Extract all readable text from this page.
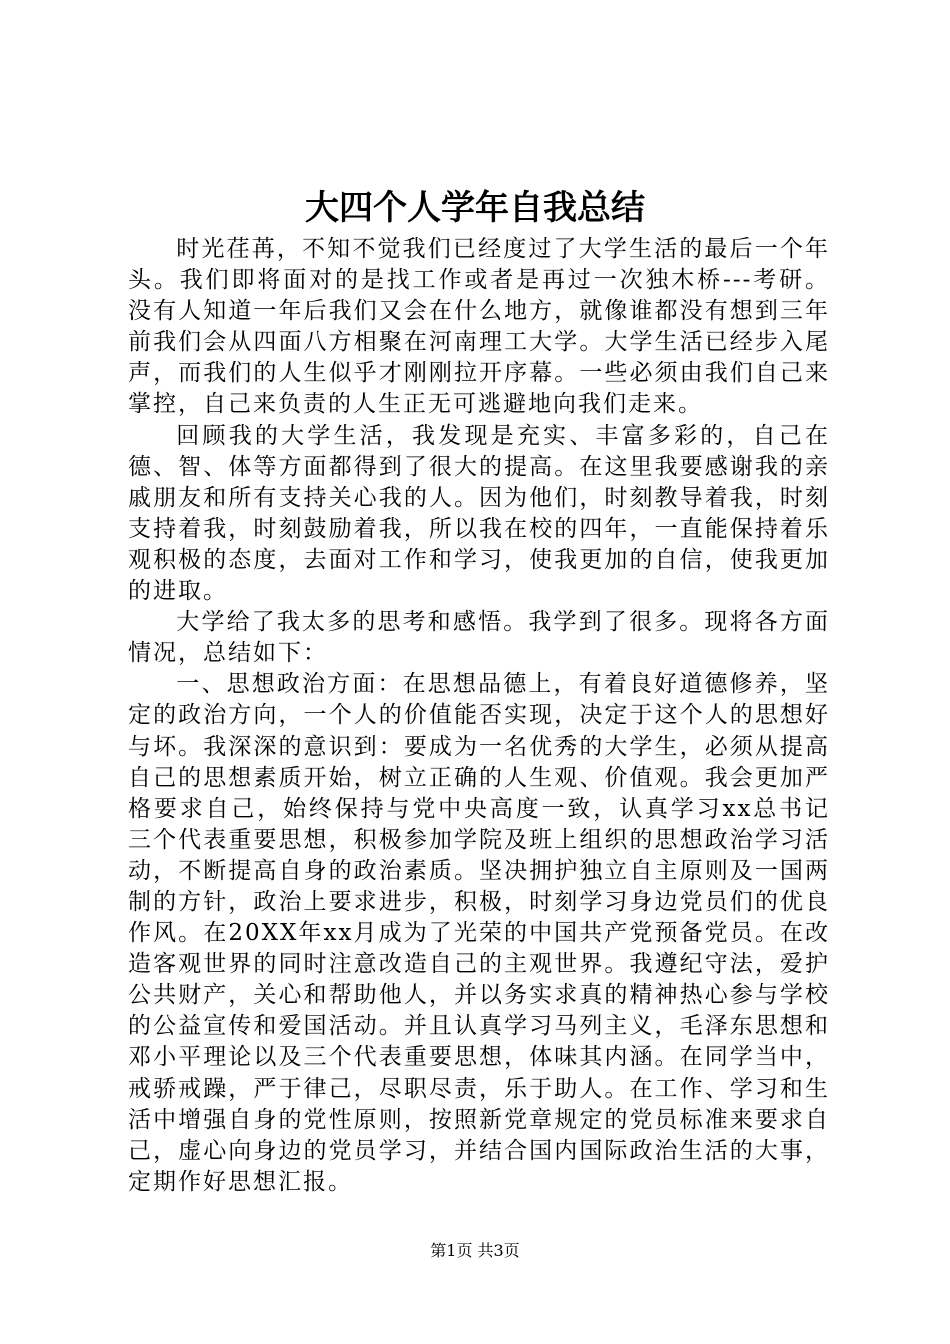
大四个人学年自我总结

时光荏苒，不知不觉我们已经度过了大学生活的最后一个年头。我们即将面对的是找工作或者是再过一次独木桥---考研。没有人知道一年后我们又会在什么地方，就像谁都没有想到三年前我们会从四面八方相聚在河南理工大学。大学生活已经步入尾声，而我们的人生似乎才刚刚拉开序幕。一些必须由我们自己来掌控，自己来负责的人生正无可逃避地向我们走来。

回顾我的大学生活，我发现是充实、丰富多彩的，自己在德、智、体等方面都得到了很大的提高。在这里我要感谢我的亲戚朋友和所有支持关心我的人。因为他们，时刻教导着我，时刻支持着我，时刻鼓励着我，所以我在校的四年，一直能保持着乐观积极的态度，去面对工作和学习，使我更加的自信，使我更加的进取。

大学给了我太多的思考和感悟。我学到了很多。现将各方面情况，总结如下：

一、思想政治方面：在思想品德上，有着良好道德修养，坚定的政治方向，一个人的价值能否实现，决定于这个人的思想好与坏。我深深的意识到：要成为一名优秀的大学生，必须从提高自己的思想素质开始，树立正确的人生观、价值观。我会更加严格要求自己，始终保持与党中央高度一致，认真学习xx总书记三个代表重要思想，积极参加学院及班上组织的思想政治学习活动，不断提高自身的政治素质。坚决拥护独立自主原则及一国两制的方针，政治上要求进步，积极，时刻学习身边党员们的优良作风。在20XX年xx月成为了光荣的中国共产党预备党员。在改造客观世界的同时注意改造自己的主观世界。我遵纪守法，爱护公共财产，关心和帮助他人，并以务实求真的精神热心参与学校的公益宣传和爱国活动。并且认真学习马列主义，毛泽东思想和邓小平理论以及三个代表重要思想，体味其内涵。在同学当中，戒骄戒躁，严于律己，尽职尽责，乐于助人。在工作、学习和生活中增强自身的党性原则，按照新党章规定的党员标准来要求自己，虚心向身边的党员学习，并结合国内国际政治生活的大事，定期作好思想汇报。

第1页 共3页
